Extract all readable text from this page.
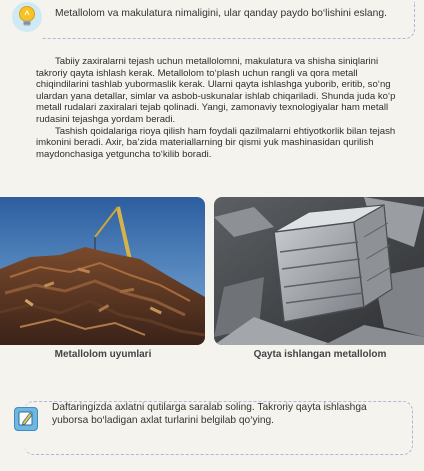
Metallolom va makulatura nimaligini, ular qanday paydo bo‘lishini eslang.

Tabiiy zaxiralarni tejash uchun metallolomni, makulatura va shisha siniqlarini takroriy qayta ishlash kerak. Metallolom to‘plash uchun rangli va qora metall chiqindilarini tashlab yubormaslik kerak. Ularni qayta ishlashga yuborib, eritib, so‘ng ulardan yana detallar, simlar va asbob-uskunalar ishlab chiqariladi. Shunda juda ko‘p metall rudalari zaxiralari tejab qolinadi. Yangi, zamonaviy texnologiyalar ham metall rudasini tejashga yordam beradi.

Tashish qoidalariga rioya qilish ham foydali qazilmalarni ehtiyotkorlik bilan tejash imkonini beradi. Axir, ba’zida materiallarning bir qismi yuk mashinasidan qurilish maydonchasiga yetguncha to‘kilib boradi.

Metallolom uyumlari	Qayta ishlangan metallolom
Daftaringizda axlatni qutilarga saralab soling. Takroriy qayta ishlashga yuborsa bo‘ladigan axlat turlarini belgilab qo‘ying.
